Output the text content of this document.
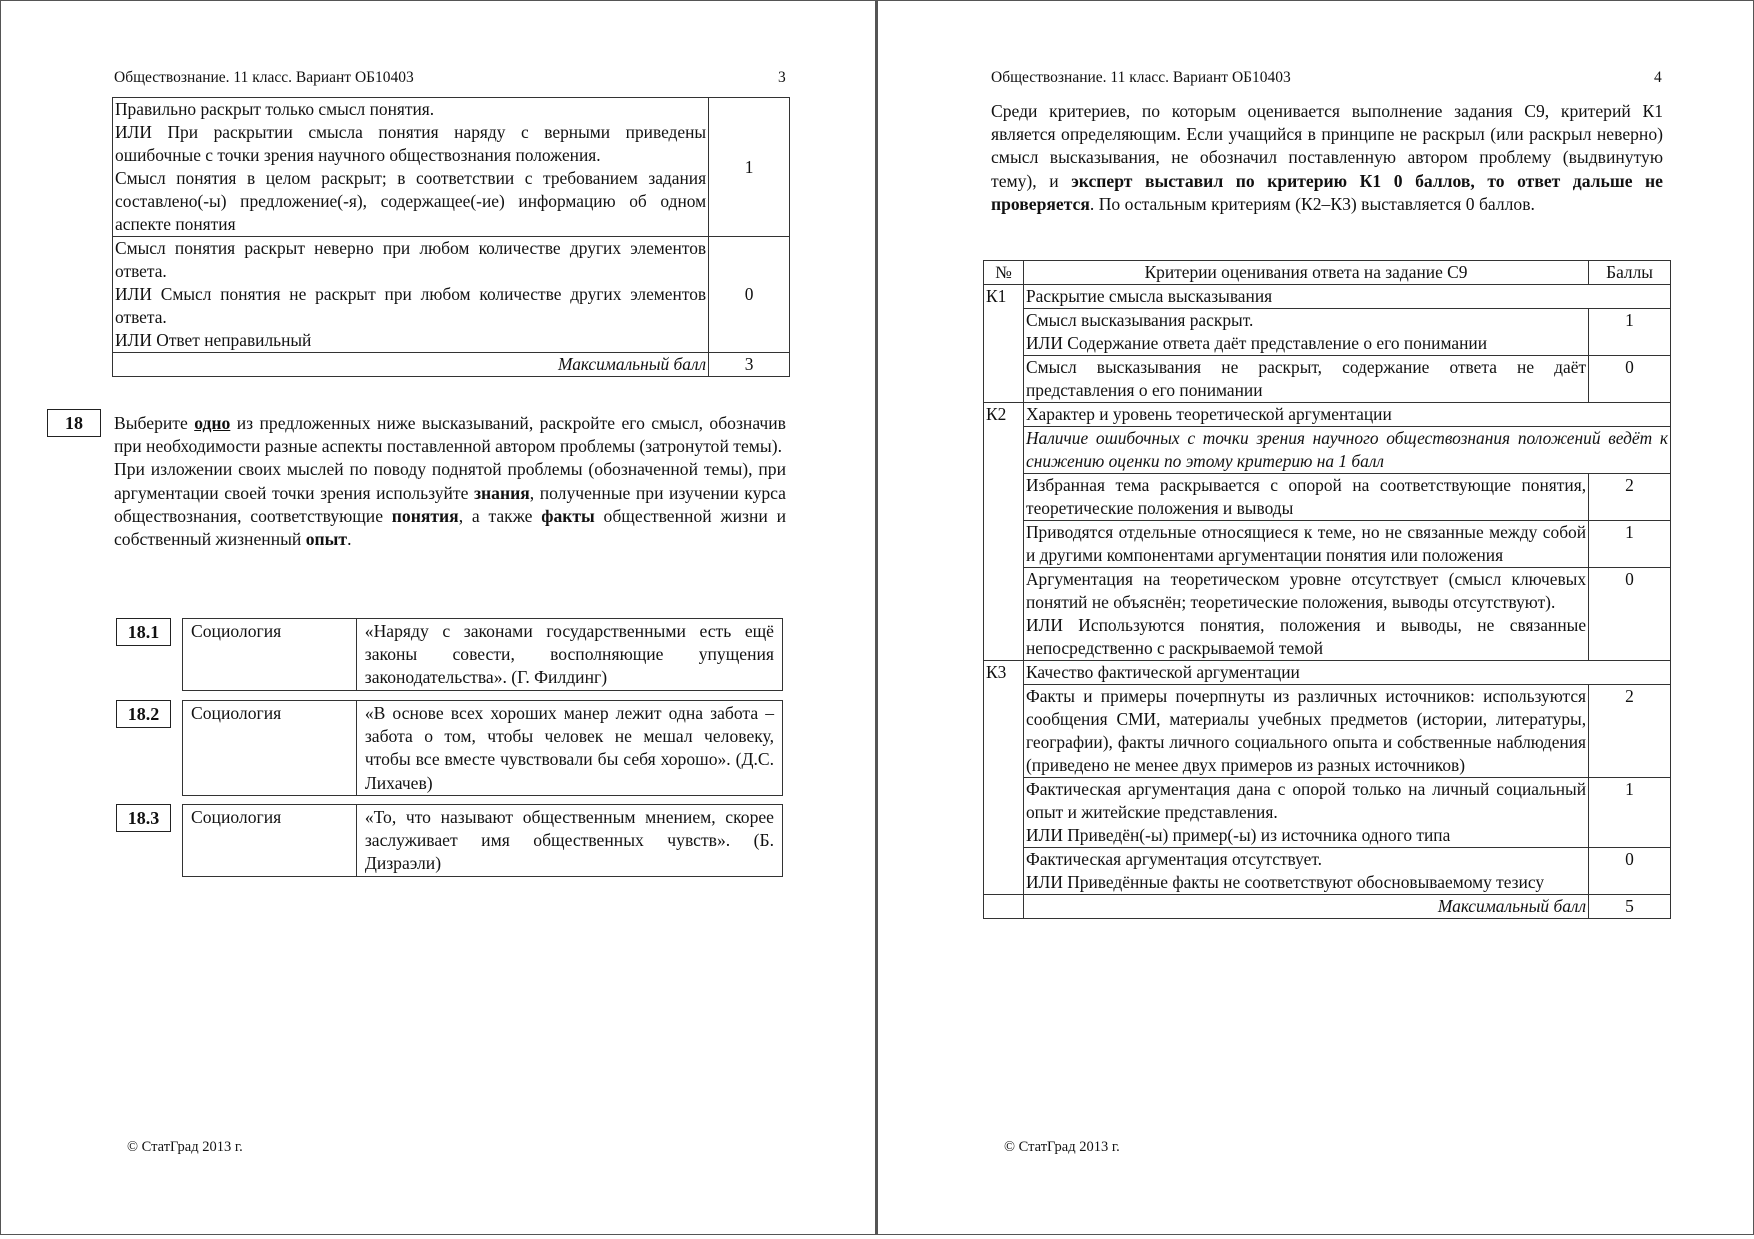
Обществознание. 11 класс. Вариант ОБ10403	3
Правильно раскрыт только смысл понятия.
ИЛИ При раскрытии смысла понятия наряду с верными приведены ошибочные с точки зрения научного обществознания положения.
Смысл понятия в целом раскрыт; в соответствии с требованием задания составлено(-ы) предложение(-я), содержащее(-ие) информацию об одном аспекте понятия	1

Смысл понятия раскрыт неверно при любом количестве других элементов ответа.
ИЛИ Смысл понятия не раскрыт при любом количестве других элементов ответа.
ИЛИ Ответ неправильный	0
Максимальный балл	3
18	Выберите одно из предложенных ниже высказываний, раскройте его смысл, обозначив при необходимости разные аспекты поставленной автором проблемы (затронутой темы).
При изложении своих мыслей по поводу поднятой проблемы (обозначенной темы), при аргументации своей точки зрения используйте знания, полученные при изучении курса обществознания, соответствующие понятия, а также факты общественной жизни и собственный жизненный опыт.
18.1	Социология	«Наряду с законами государственными есть ещё законы совести, восполняющие упущения законодательства». (Г. Филдинг)
18.2	Социология	«В основе всех хороших манер лежит одна забота –забота о том, чтобы человек не мешал человеку, чтобы все вместе чувствовали бы себя хорошо». (Д.С. Лихачев)
18.3	Социология	«То, что называют общественным мнением, скорее заслуживает имя общественных чувств». (Б. Дизраэли)
© СтатГрад 2013 г.
Обществознание. 11 класс. Вариант ОБ10403	4
Среди критериев, по которым оценивается выполнение задания С9, критерий К1 является определяющим. Если учащийся в принципе не раскрыл (или раскрыл неверно) смысл высказывания, не обозначил поставленную автором проблему (выдвинутую тему), и эксперт выставил по критерию К1 0 баллов, то ответ дальше не проверяется. По остальным критериям (К2–К3) выставляется 0 баллов.
№	Критерии оценивания ответа на задание С9	Баллы
К1	Раскрытие смысла высказывания	

	Смысл высказывания раскрыт.
ИЛИ Содержание ответа даёт представление о его понимании	1

	Смысл высказывания не раскрыт, содержание ответа не даёт представления о его понимании	0
К2	Характер и уровень теоретической аргументации	
	Наличие ошибочных с точки зрения научного обществознания положений ведёт к снижению оценки по этому критерию на 1 балл	

	Избранная тема раскрывается с опорой на соответствующие понятия, теоретические положения и выводы	2

	Приводятся отдельные относящиеся к теме, но не связанные между собой и другими компонентами аргументации понятия или положения	1

	Аргументация на теоретическом уровне отсутствует (смысл ключевых понятий не объяснён; теоретические положения, выводы отсутствуют).
ИЛИ Используются понятия, положения и выводы, не связанные непосредственно с раскрываемой темой	0
К3	Качество фактической аргументации	

	Факты и примеры почерпнуты из различных источников: используются сообщения СМИ, материалы учебных предметов (истории, литературы, географии), факты личного социального опыта и собственные наблюдения (приведено не менее двух примеров из разных источников)	2

	Фактическая аргументация дана с опорой только на личный социальный опыт и житейские представления.
ИЛИ Приведён(-ы) пример(-ы) из источника одного типа	1

	Фактическая аргументация отсутствует.
ИЛИ Приведённые факты не соответствуют обосновываемому тезису	0
	Максимальный балл	5
© СтатГрад 2013 г.
